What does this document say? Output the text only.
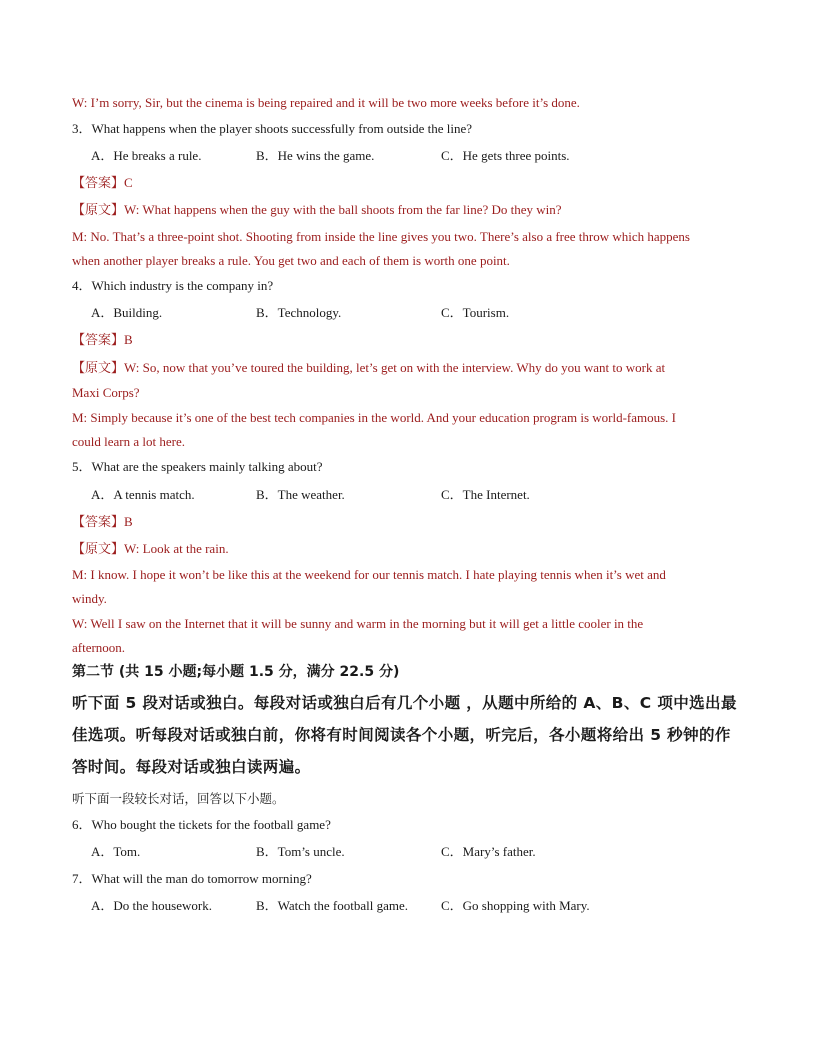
W: I’m sorry, Sir, but the cinema is being repaired and it will be two more weeks before it’s done.
3．What happens when the player shoots successfully from outside the line?
A．He breaks a rule.	B．He wins the game.	C．He gets three points.
【答案】C
【原文】W: What happens when the guy with the ball shoots from the far line? Do they win?
M: No. That’s a three-point shot. Shooting from inside the line gives you two. There’s also a free throw which happens
when another player breaks a rule. You get two and each of them is worth one point.
4．Which industry is the company in?
A．Building.	B．Technology.	C．Tourism.
【答案】B
【原文】W: So, now that you’ve toured the building, let’s get on with the interview. Why do you want to work at
Maxi Corps?
M: Simply because it’s one of the best tech companies in the world. And your education program is world-famous. I
could learn a lot here.
5．What are the speakers mainly talking about?
A．A tennis match.	B．The weather.	C．The Internet.
【答案】B
【原文】W: Look at the rain.
M: I know. I hope it won’t be like this at the weekend for our tennis match. I hate playing tennis when it’s wet and
windy.
W: Well I saw on the Internet that it will be sunny and warm in the morning but it will get a little cooler in the
afternoon.
第二节 (共 15 小题;每小题 1.5 分，满分 22.5 分)
听下面 5 段对话或独白。每段对话或独白后有几个小题 ，从题中所给的 A、B、C 项中选出最
佳选项。听每段对话或独白前，你将有时间阅读各个小题，听完后，各小题将给出 5 秒钟的作
答时间。每段对话或独白读两遍。
听下面一段较长对话，回答以下小题。
6．Who bought the tickets for the football game?
A．Tom.	B．Tom’s uncle.	C．Mary’s father.
7．What will the man do tomorrow morning?
A．Do the housework.	B．Watch the football game.	C．Go shopping with Mary.
